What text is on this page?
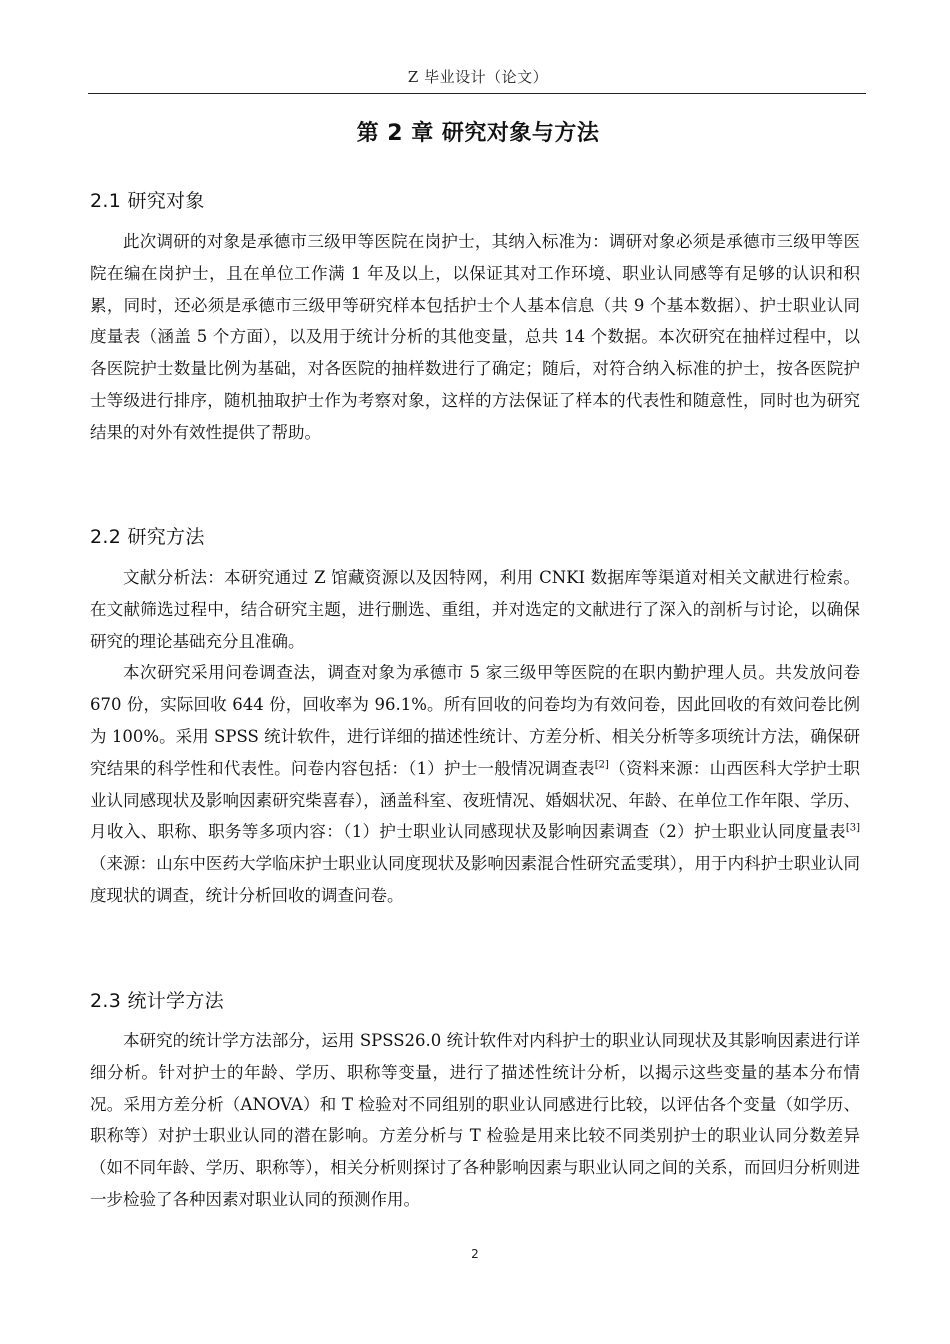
Z 毕业设计（论文）
第 2 章 研究对象与方法
2.1 研究对象

此次调研的对象是承德市三级甲等医院在岗护士，其纳入标准为：调研对象必须是承德市三级甲等医院在编在岗护士，且在单位工作满 1 年及以上，以保证其对工作环境、职业认同感等有足够的认识和积累，同时，还必须是承德市三级甲等研究样本包括护士个人基本信息（共 9 个基本数据）、护士职业认同度量表（涵盖 5 个方面），以及用于统计分析的其他变量，总共 14 个数据。本次研究在抽样过程中，以各医院护士数量比例为基础，对各医院的抽样数进行了确定；随后，对符合纳入标准的护士，按各医院护士等级进行排序，随机抽取护士作为考察对象，这样的方法保证了样本的代表性和随意性，同时也为研究结果的对外有效性提供了帮助。

2.2 研究方法

文献分析法：本研究通过 Z 馆藏资源以及因特网，利用 CNKI 数据库等渠道对相关文献进行检索。在文献筛选过程中，结合研究主题，进行删选、重组，并对选定的文献进行了深入的剖析与讨论，以确保研究的理论基础充分且准确。

本次研究采用问卷调查法，调查对象为承德市 5 家三级甲等医院的在职内勤护理人员。共发放问卷 670 份，实际回收 644 份，回收率为 96.1%。所有回收的问卷均为有效问卷，因此回收的有效问卷比例为 100%。采用 SPSS 统计软件，进行详细的描述性统计、方差分析、相关分析等多项统计方法，确保研究结果的科学性和代表性。问卷内容包括：（1）护士一般情况调查表[2]（资料来源：山西医科大学护士职业认同感现状及影响因素研究柴喜春），涵盖科室、夜班情况、婚姻状况、年龄、在单位工作年限、学历、月收入、职称、职务等多项内容：（1）护士职业认同感现状及影响因素调查（2）护士职业认同度量表[3]（来源：山东中医药大学临床护士职业认同度现状及影响因素混合性研究孟雯琪），用于内科护士职业认同度现状的调查，统计分析回收的调查问卷。

2.3 统计学方法

本研究的统计学方法部分，运用 SPSS26.0 统计软件对内科护士的职业认同现状及其影响因素进行详细分析。针对护士的年龄、学历、职称等变量，进行了描述性统计分析，以揭示这些变量的基本分布情况。采用方差分析（ANOVA）和 T 检验对不同组别的职业认同感进行比较，以评估各个变量（如学历、职称等）对护士职业认同的潜在影响。方差分析与 T 检验是用来比较不同类别护士的职业认同分数差异（如不同年龄、学历、职称等），相关分析则探讨了各种影响因素与职业认同之间的关系，而回归分析则进一步检验了各种因素对职业认同的预测作用。

2
